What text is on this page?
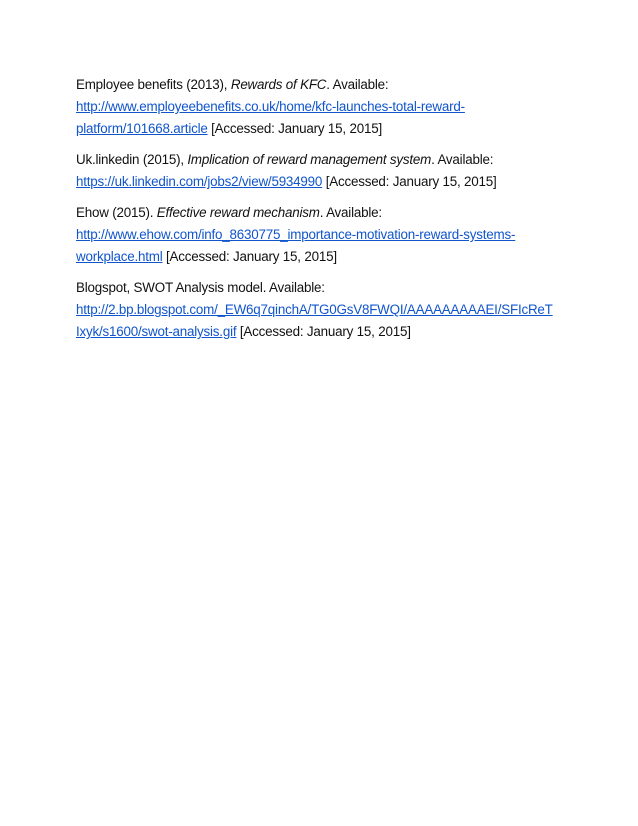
Employee benefits (2013), Rewards of KFC. Available:
http://www.employeebenefits.co.uk/home/kfc-launches-total-reward-
platform/101668.article [Accessed: January 15, 2015]
Uk.linkedin (2015), Implication of reward management system. Available:
https://uk.linkedin.com/jobs2/view/5934990 [Accessed: January 15, 2015]
Ehow (2015). Effective reward mechanism. Available:
http://www.ehow.com/info_8630775_importance-motivation-reward-systems-
workplace.html [Accessed: January 15, 2015]
Blogspot, SWOT Analysis model. Available:
http://2.bp.blogspot.com/_EW6q7qinchA/TG0GsV8FWQI/AAAAAAAAAEI/SFIcReT
Ixyk/s1600/swot-analysis.gif [Accessed: January 15, 2015]
